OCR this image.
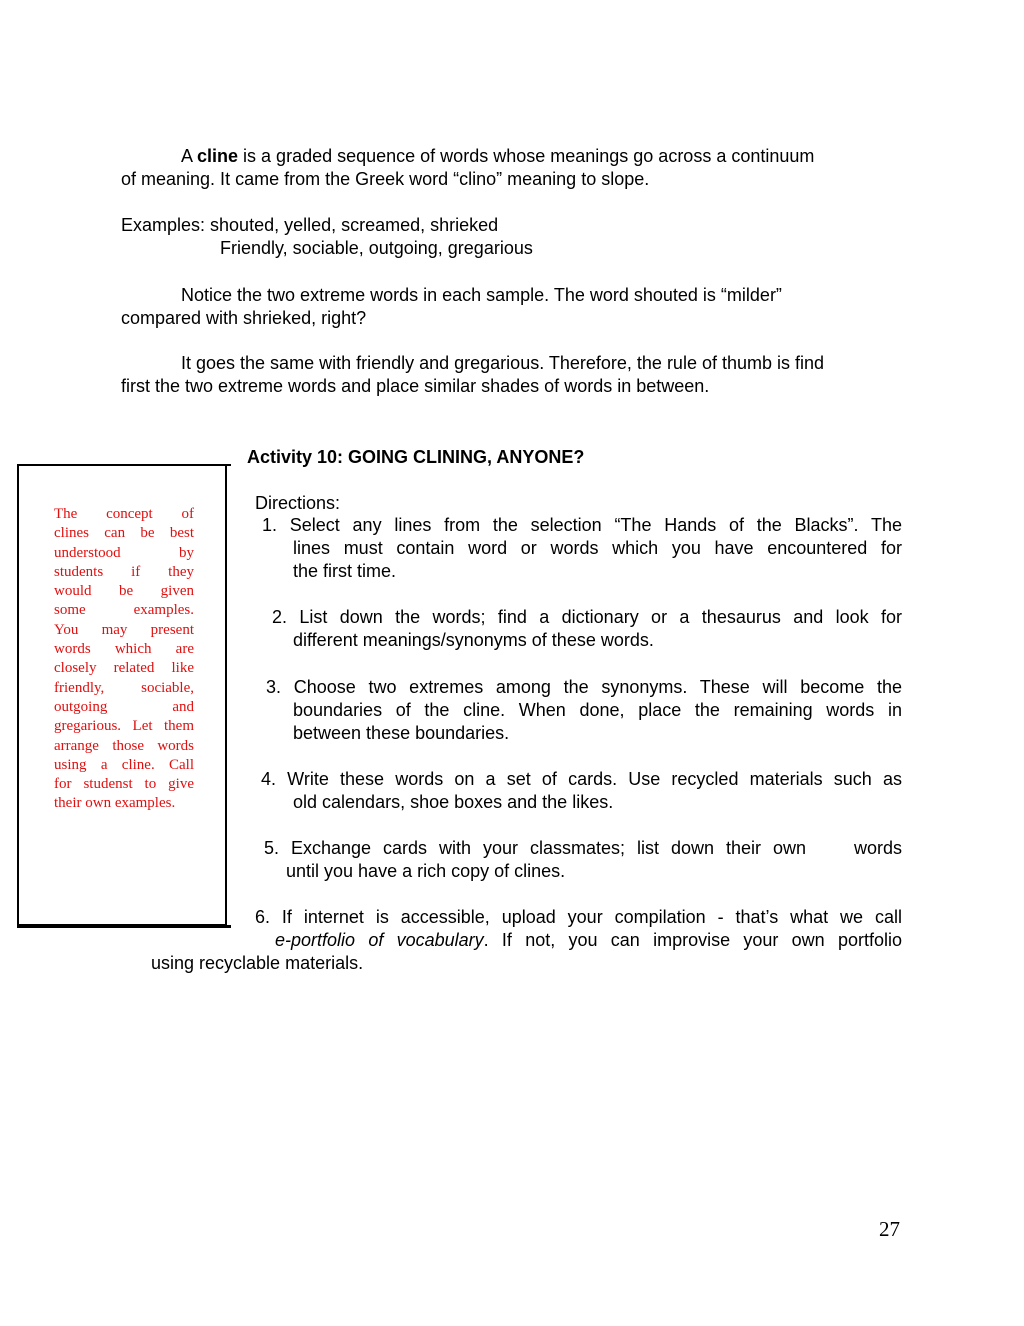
A cline is a graded sequence of words whose meanings go across a continuum
of meaning. It came from the Greek word “clino” meaning to slope.
Examples: shouted, yelled, screamed, shrieked
Friendly, sociable, outgoing, gregarious
Notice the two extreme words in each sample. The word shouted is “milder”
compared with shrieked, right?
It goes the same with friendly and gregarious. Therefore, the rule of thumb is find
first the two extreme words and place similar shades of words in between.
Activity 10: GOING CLINING, ANYONE?
The concept of
clines can be best
understood by
students if they
would be given
some examples.
You may present
words which are
closely related like
friendly, sociable,
outgoing and
gregarious. Let them
arrange those words
using a cline. Call
for studenst to give
their own examples.
Directions:
1. Select any lines from the selection “The Hands of the Blacks”. The
lines must contain word or words which you have encountered for
the first time.
2. List down the words; find a dictionary or a thesaurus and look for
different meanings/synonyms of these words.
3. Choose two extremes among the synonyms. These will become the
boundaries of the cline. When done, place the remaining words in
between these boundaries.
4. Write these words on a set of cards. Use recycled materials such as
old calendars, shoe boxes and the likes.
5. Exchange cards with your classmates; list down their own    words
until you have a rich copy of clines.
6. If internet is accessible, upload your compilation - that’s what we call
e-portfolio of vocabulary. If not, you can improvise your own portfolio
using recyclable materials.
27
